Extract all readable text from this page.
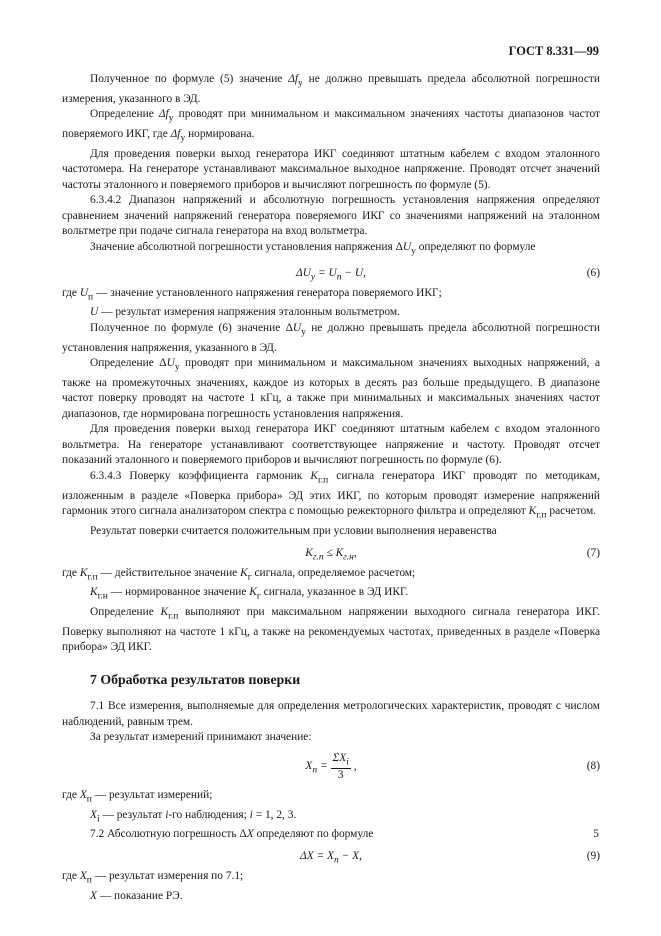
ГОСТ 8.331—99

Полученное по формуле (5) значение $\Delta f_у$ не должно превышать предела абсолютной погрешности измерения, указанного в ЭД.

Определение $\Delta f_у$ проводят при минимальном и максимальном значениях частоты диапазонов частот поверяемого ИКГ, где $\Delta f_у$ нормирована.

Для проведения поверки выход генератора ИКГ соединяют штатным кабелем с входом эталонного частотомера. На генераторе устанавливают максимальное выходное напряжение. Проводят отсчет значений частоты эталонного и поверяемого приборов и вычисляют погрешность по формуле (5).

6.3.4.2 Диапазон напряжений и абсолютную погрешность установления напряжения определяют сравнением значений напряжений генератора поверяемого ИКГ со значениями напряжений на эталонном вольтметре при подаче сигнала генератора на вход вольтметра.

Значение абсолютной погрешности установления напряжения $\Delta U_у$ определяют по формуле

$\Delta U_у = U_п - U$,	(6)

где $U_п$ — значение установленного напряжения генератора поверяемого ИКГ;

U — результат измерения напряжения эталонным вольтметром.

Полученное по формуле (6) значение $\Delta U_у$ не должно превышать предела абсолютной погрешности установления напряжения, указанного в ЭД.

Определение $\Delta U_у$ проводят при минимальном и максимальном значениях выходных напряжений, а также на промежуточных значениях, каждое из которых в десять раз больше предыдущего. В диапазоне частот поверку проводят на частоте 1 кГц, а также при минимальных и максимальных значениях частот диапазонов, где нормирована погрешность установления напряжения.

Для проведения поверки выход генератора ИКГ соединяют штатным кабелем с входом эталонного вольтметра. На генераторе устанавливают соответствующее напряжение и частоту. Проводят отсчет показаний эталонного и поверяемого приборов и вычисляют погрешность по формуле (6).

6.3.4.3 Поверку коэффициента гармоник $K_{г.п}$ сигнала генератора ИКГ проводят по методикам, изложенным в разделе «Поверка прибора» ЭД этих ИКГ, по которым проводят измерение напряжений гармоник этого сигнала анализатором спектра с помощью режекторного фильтра и определяют $K_{г.п}$ расчетом.

Результат поверки считается положительным при условии выполнения неравенства

$K_{г.п} \le K_{г.н}$,	(7)

где $K_{г.п}$ — действительное значение $K_г$ сигнала, определяемое расчетом;

$K_{г.н}$ — нормированное значение $K_г$ сигнала, указанное в ЭД ИКГ.

Определение $K_{г.п}$ выполняют при максимальном напряжении выходного сигнала генератора ИКГ. Поверку выполняют на частоте 1 кГц, а также на рекомендуемых частотах, приведенных в разделе «Поверка прибора» ЭД ИКГ.

7 Обработка результатов поверки

7.1 Все измерения, выполняемые для определения метрологических характеристик, проводят с числом наблюдений, равным трем.

За результат измерений принимают значение:

$X_п = \frac{\Sigma X_i}{3}$ ,	(8)

где $X_п$ — результат измерений;

$X_i$ — результат i-го наблюдения; i = 1, 2, 3.

7.2 Абсолютную погрешность ΔX определяют по формуле

$\Delta X = X_п - X$,	(9)

где $X_п$ — результат измерения по 7.1;

X — показание РЭ.

5
